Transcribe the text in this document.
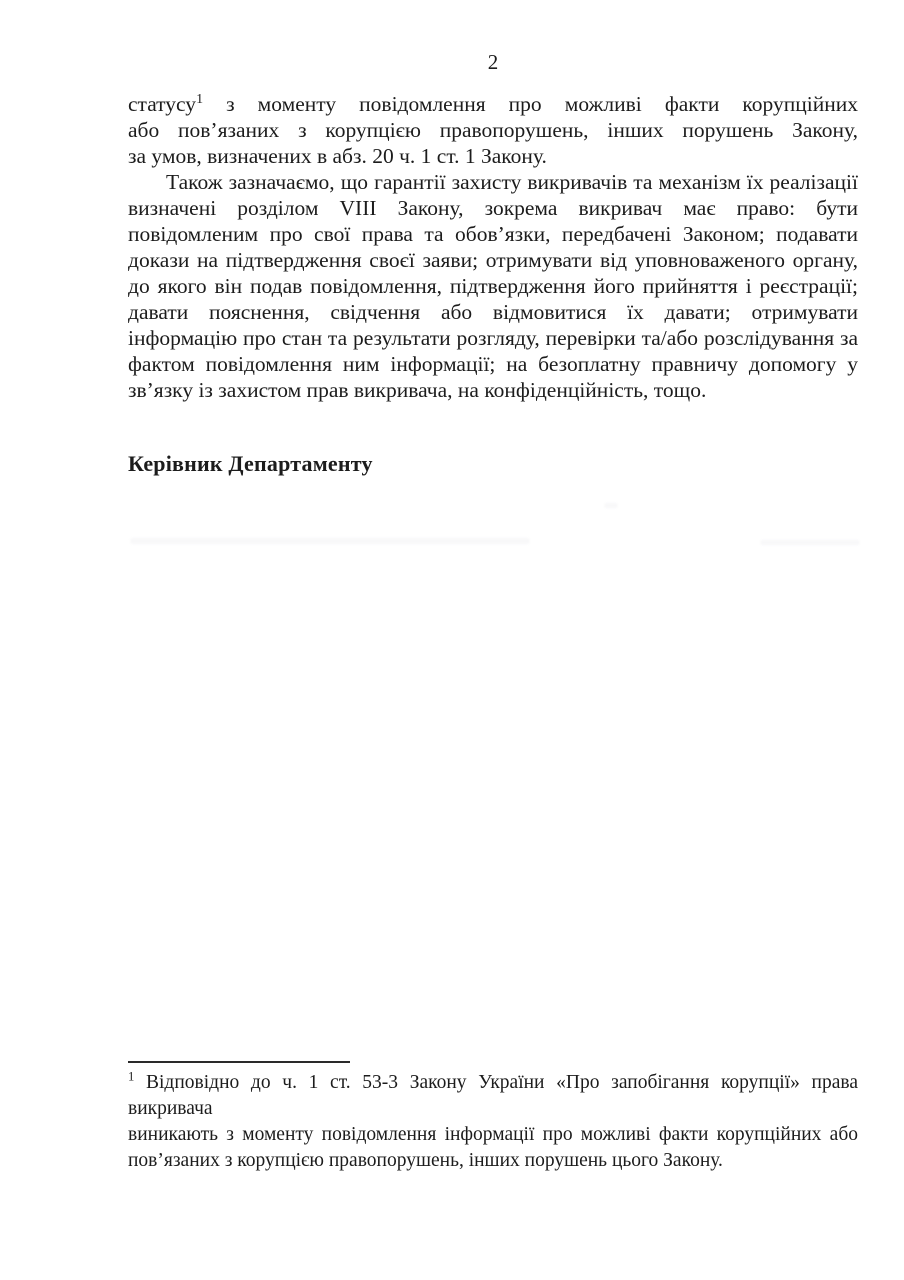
2
статусу$^1$ з моменту повідомлення про можливі факти корупційних
або пов’язаних з корупцією правопорушень, інших порушень Закону,
за умов, визначених в абз. 20 ч. 1 ст. 1 Закону.
Також зазначаємо, що гарантії захисту викривачів та механізм їх реалізації
визначені розділом VIII Закону, зокрема викривач має право: бути
повідомленим про свої права та обов’язки, передбачені Законом; подавати
докази на підтвердження своєї заяви; отримувати від уповноваженого органу,
до якого він подав повідомлення, підтвердження його прийняття і реєстрації;
давати пояснення, свідчення або відмовитися їх давати; отримувати
інформацію про стан та результати розгляду, перевірки та/або розслідування за
фактом повідомлення ним інформації; на безоплатну правничу допомогу у
зв’язку із захистом прав викривача, на конфіденційність, тощо.
Керівник Департаменту
$^1$ Відповідно до ч. 1 ст. 53-3 Закону України «Про запобігання корупції» права викривача
виникають з моменту повідомлення інформації про можливі факти корупційних або
пов’язаних з корупцією правопорушень, інших порушень цього Закону.
